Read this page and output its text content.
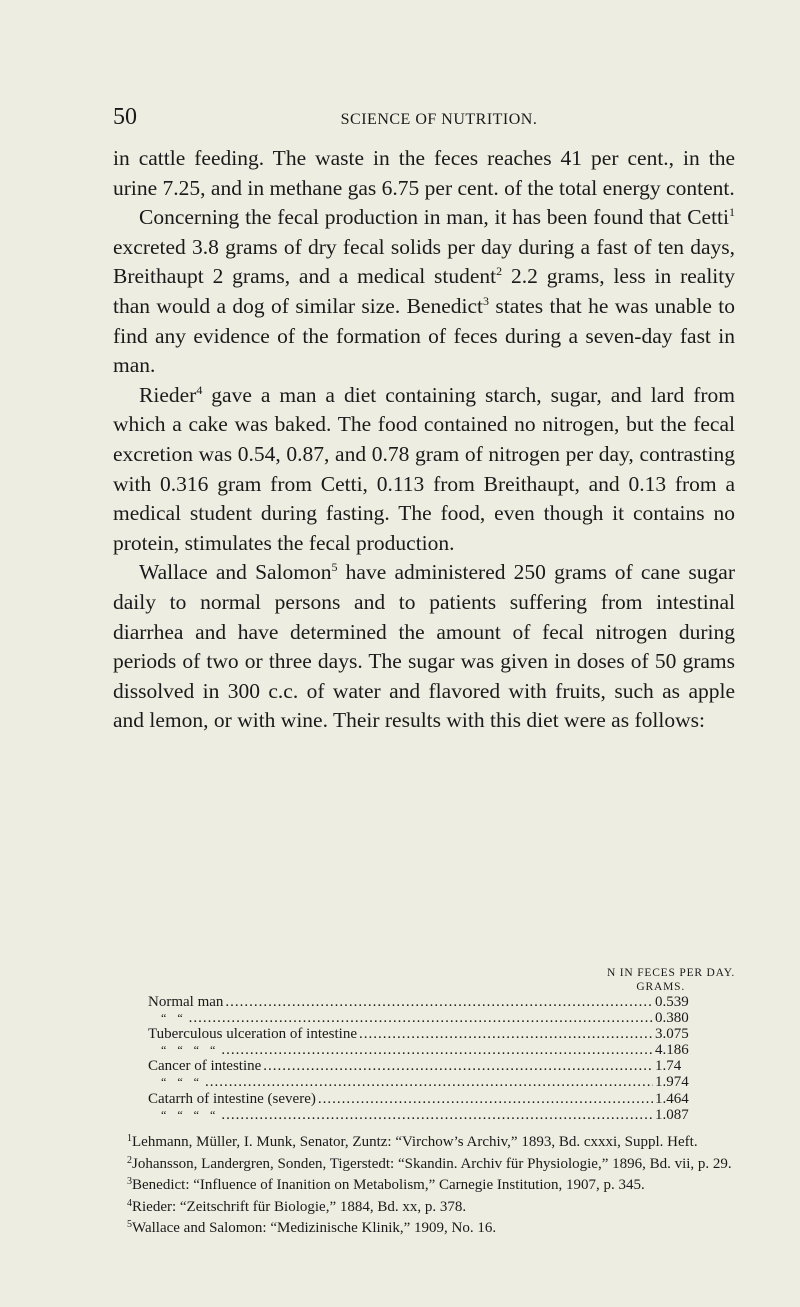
50	SCIENCE OF NUTRITION.

in cattle feeding. The waste in the feces reaches 41 per cent., in the urine 7.25, and in methane gas 6.75 per cent. of the total energy content.

Concerning the fecal production in man, it has been found that Cetti$^1$ excreted 3.8 grams of dry fecal solids per day during a fast of ten days, Breithaupt 2 grams, and a medical student$^2$ 2.2 grams, less in reality than would a dog of similar size. Benedict$^3$ states that he was unable to find any evidence of the formation of feces during a seven-day fast in man.

Rieder$^4$ gave a man a diet containing starch, sugar, and lard from which a cake was baked. The food contained no nitrogen, but the fecal excretion was 0.54, 0.87, and 0.78 gram of nitrogen per day, contrasting with 0.316 gram from Cetti, 0.113 from Breithaupt, and 0.13 from a medical student during fasting. The food, even though it contains no protein, stimulates the fecal production.

Wallace and Salomon$^5$ have administered 250 grams of cane sugar daily to normal persons and to patients suffering from intestinal diarrhea and have determined the amount of fecal nitrogen during periods of two or three days. The sugar was given in doses of 50 grams dissolved in 300 c.c. of water and flavored with fruits, such as apple and lemon, or with wine. Their results with this diet were as follows:

N IN FECES PER DAY.
GRAMS.
Normal man .....	0.539
“ “ .....	0.380
Tuberculous ulceration of intestine .....	3.075
“ “ “ “ .....	4.186
Cancer of intestine .....	1.74
“ “ “ .....	1.974
Catarrh of intestine (severe) .....	1.464
“ “ “ “ .....	1.087

$^1$Lehmann, Müller, I. Munk, Senator, Zuntz: “Virchow’s Archiv,” 1893, Bd. cxxxi, Suppl. Heft.

$^2$Johansson, Landergren, Sonden, Tigerstedt: “Skandin. Archiv für Physiologie,” 1896, Bd. vii, p. 29.

$^3$Benedict: “Influence of Inanition on Metabolism,” Carnegie Institution, 1907, p. 345.

$^4$Rieder: “Zeitschrift für Biologie,” 1884, Bd. xx, p. 378.

$^5$Wallace and Salomon: “Medizinische Klinik,” 1909, No. 16.
